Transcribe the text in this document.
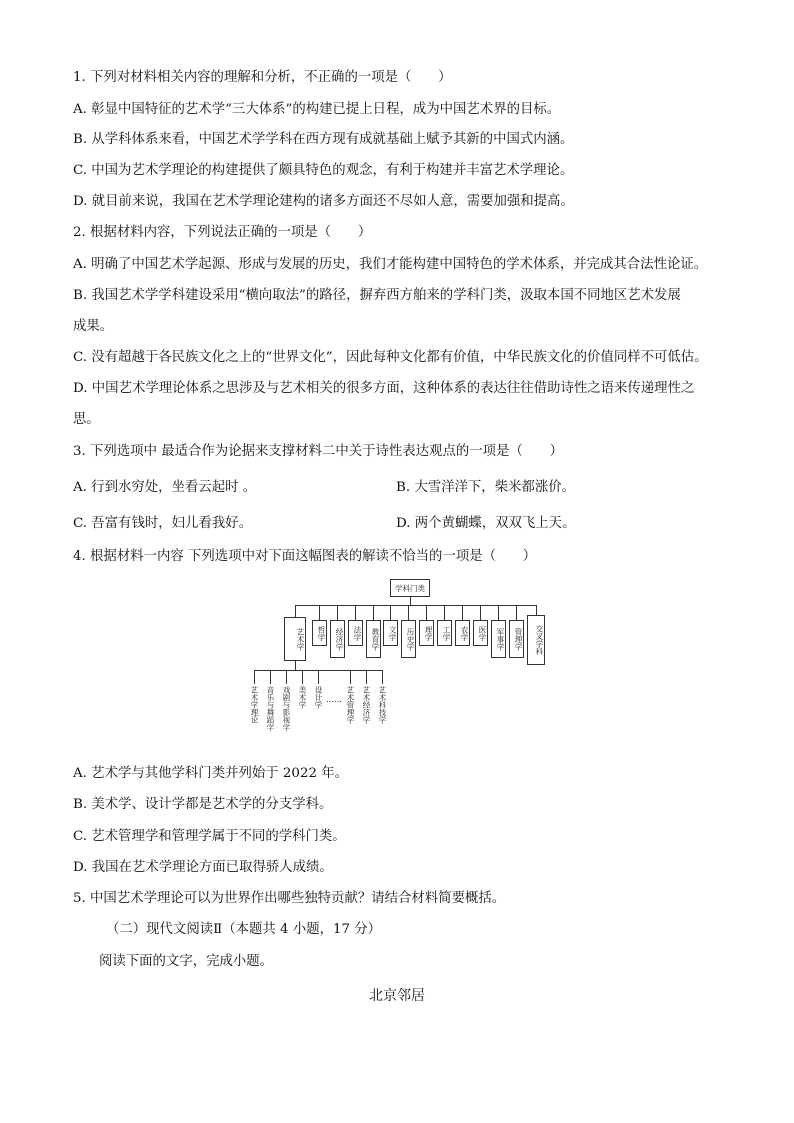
1. 下列对材料相关内容的理解和分析，不正确的一项是（　　）
A. 彰显中国特征的艺术学“三大体系”的构建已提上日程，成为中国艺术界的目标。
B. 从学科体系来看，中国艺术学学科在西方现有成就基础上赋予其新的中国式内涵。
C. 中国为艺术学理论的构建提供了颇具特色的观念，有利于构建并丰富艺术学理论。
D. 就目前来说，我国在艺术学理论建构的诸多方面还不尽如人意，需要加强和提高。
2. 根据材料内容，下列说法正确的一项是（　　）
A. 明确了中国艺术学起源、形成与发展的历史，我们才能构建中国特色的学术体系，并完成其合法性论证。
B. 我国艺术学学科建设采用“横向取法”的路径，摒弃西方舶来的学科门类，汲取本国不同地区艺术发展
成果。
C. 没有超越于各民族文化之上的“世界文化”，因此每种文化都有价值，中华民族文化的价值同样不可低估。
D. 中国艺术学理论体系之思涉及与艺术相关的很多方面，这种体系的表达往往借助诗性之语来传递理性之
思。
3. 下列选项中 最适合作为论据来支撑材料二中关于诗性表达观点的一项是（　　）
A. 行到水穷处，坐看云起时 。	B. 大雪洋洋下，柴米都涨价。
C. 吾富有钱时，妇儿看我好。	D. 两个黄蝴蝶，双双飞上天。
4. 根据材料一内容 下列选项中对下面这幅图表的解读不恰当的一项是（　　）
学科门类
艺术学	哲学	经济学	法学	教育学	文学	历史学	理学	工学	农学	医学	军事学	管理学	交叉学科
艺术学理论 音乐与舞蹈学 戏剧与影视学 美术学 设计学 …… 艺术管理学 艺术经济学 艺术科技学
A. 艺术学与其他学科门类并列始于 2022 年。
B. 美术学、设计学都是艺术学的分支学科。
C. 艺术管理学和管理学属于不同的学科门类。
D. 我国在艺术学理论方面已取得骄人成绩。
5. 中国艺术学理论可以为世界作出哪些独特贡献？请结合材料简要概括。
（二）现代文阅读Ⅱ（本题共 4 小题，17 分）
阅读下面的文字，完成小题。
北京邻居
